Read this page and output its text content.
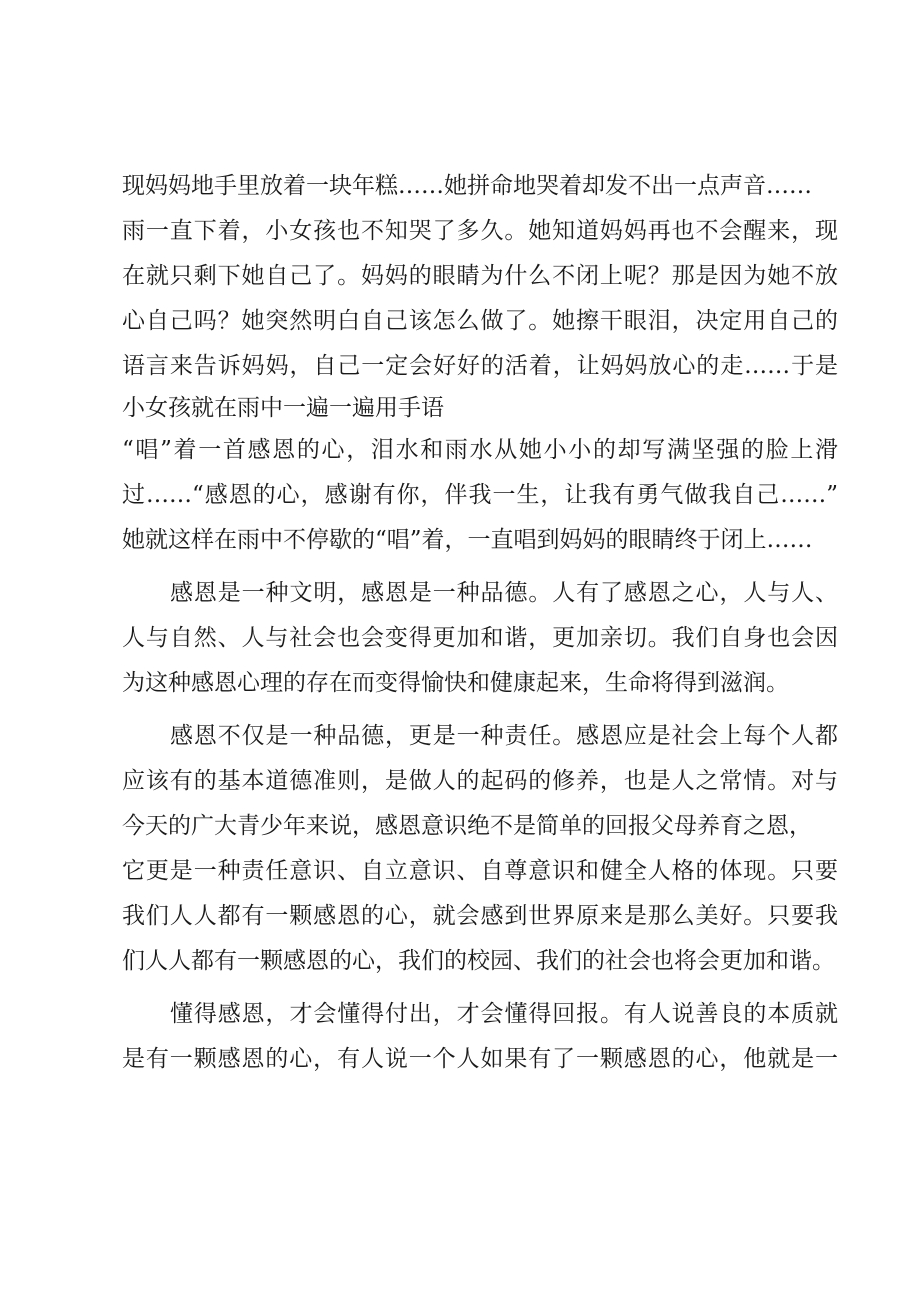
现妈妈地手里放着一块年糕……她拼命地哭着却发不出一点声音……
雨一直下着，小女孩也不知哭了多久。她知道妈妈再也不会醒来，现
在就只剩下她自己了。妈妈的眼睛为什么不闭上呢？那是因为她不放
心自己吗？她突然明白自己该怎么做了。她擦干眼泪，决定用自己的
语言来告诉妈妈，自己一定会好好的活着，让妈妈放心的走……于是
小女孩就在雨中一遍一遍用手语
“唱”着一首感恩的心，泪水和雨水从她小小的却写满坚强的脸上滑
过……“感恩的心，感谢有你，伴我一生，让我有勇气做我自己……”
她就这样在雨中不停歇的“唱”着，一直唱到妈妈的眼睛终于闭上……
感恩是一种文明，感恩是一种品德。人有了感恩之心，人与人、
人与自然、人与社会也会变得更加和谐，更加亲切。我们自身也会因
为这种感恩心理的存在而变得愉快和健康起来，生命将得到滋润。
感恩不仅是一种品德，更是一种责任。感恩应是社会上每个人都
应该有的基本道德准则，是做人的起码的修养，也是人之常情。对与
今天的广大青少年来说，感恩意识绝不是简单的回报父母养育之恩，
它更是一种责任意识、自立意识、自尊意识和健全人格的体现。只要
我们人人都有一颗感恩的心，就会感到世界原来是那么美好。只要我
们人人都有一颗感恩的心，我们的校园、我们的社会也将会更加和谐。
懂得感恩，才会懂得付出，才会懂得回报。有人说善良的本质就
是有一颗感恩的心，有人说一个人如果有了一颗感恩的心，他就是一
